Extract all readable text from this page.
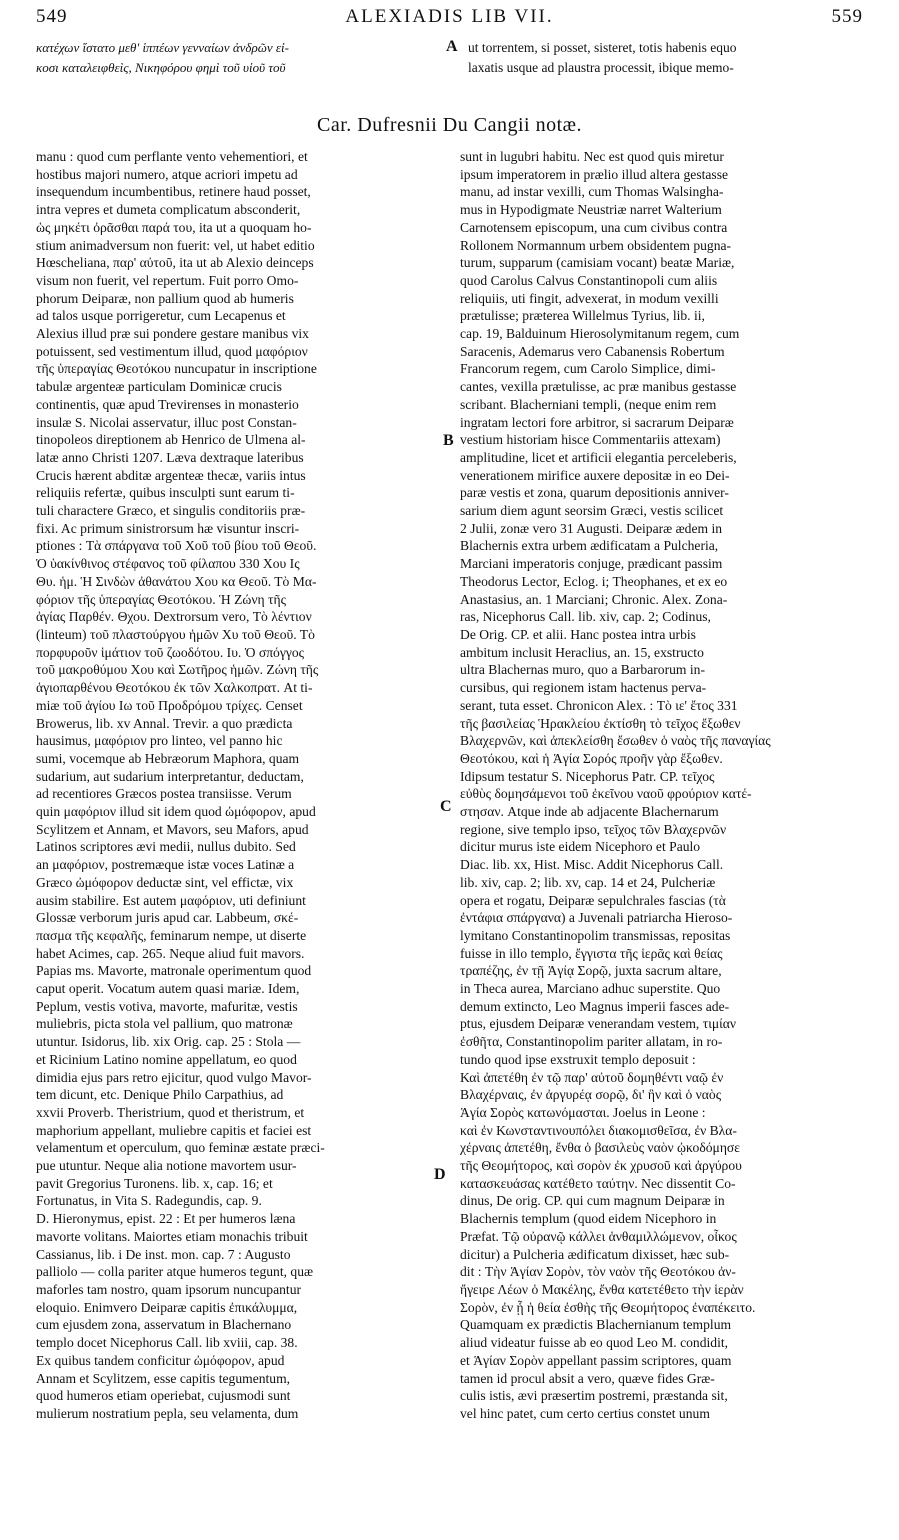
549	ALEXIADIS LIB VII.	559
κατέχων ἵστατο μεθ' ἱππέων γενναίων ἀνδρῶν εἰ-
κοσι καταλειφθεὶς, Νικηφόρου φημὶ τοῦ υἱοῦ τοῦ
A ut torrentem, si posset, sisteret, totis habenis equo
laxatis usque ad plaustra processit, ibique memo-
Car. Dufresnii Du Cangii notæ.
manu : quod cum perflante vento vehementiori, et
hostibus majori numero, atque acriori impetu ad
insequendum incumbentibus, retinere haud posset,
intra vepres et dumeta complicatum absconderit,
ὡς μηκέτι ὀρᾶσθαι παρά του, ita ut a quoquam ho-
stium animadversum non fuerit: vel, ut habet editio
Hœscheliana, παρ' αὐτοῦ, ita ut ab Alexio deinceps
visum non fuerit, vel repertum. Fuit porro Omo-
phorum Deiparæ, non pallium quod ab humeris
ad talos usque porrigeretur, cum Lecapenus et
Alexius illud præ sui pondere gestare manibus vix
potuissent, sed vestimentum illud, quod μαφόριον
τῆς ὑπεραγίας Θεοτόκου nuncupatur in inscriptione
tabulæ argenteæ particulam Dominicæ crucis
continentis, quæ apud Trevirenses in monasterio
insulæ S. Nicolai asservatur, illuc post Constan-
tinopoleos direptionem ab Henrico de Ulmena al-
latæ anno Christi 1207. Læva dextraque lateribus
Crucis hærent abditæ argenteæ thecæ, variis intus
reliquiis refertæ, quibus insculpti sunt earum ti-
tuli charactere Græco, et singulis conditoriis præ-
fixi. Ac primum sinistrorsum hæ visuntur inscri-
ptiones : Τὰ σπάργανα τοῦ Χοῦ τοῦ βίου τοῦ Θεοῦ.
Ὁ ὑακίνθινος στέφανος τοῦ φίλαπου 330 Χου Ις
Θυ. ἡμ. Ἡ Σινδὼν ἀθανάτου Χου κα Θεοῦ. Τὸ Μα-
φόριον τῆς ὑπεραγίας Θεοτόκου. Ἡ Ζώνη τῆς
ἁγίας Παρθέν. Θχου. Dextrorsum vero, Τὸ λέντιον
(linteum) τοῦ πλαστούργου ἡμῶν Χυ τοῦ Θεοῦ. Τὸ
πορφυροῦν ἱμάτιον τοῦ ζωοδότου. Ιυ. Ὁ σπόγγος
τοῦ μακροθύμου Χου καὶ Σωτῆρος ἡμῶν. Ζώνη τῆς
ἁγιοπαρθένου Θεοτόκου ἐκ τῶν Χαλκοπρατ. At ti-
miæ τοῦ ἁγίου Ιω τοῦ Προδρόμου τρίχες. Censet
Browerus, lib. xv Annal. Trevir. a quo prædicta
hausimus, μαφόριον pro linteo, vel panno hic
sumi, vocemque ab Hebræorum Maphora, quam
sudarium, aut sudarium interpretantur, deductam,
ad recentiores Græcos postea transiisse. Verum
quin μαφόριον illud sit idem quod ὠμόφορον, apud
Scylitzem et Annam, et Mavors, seu Mafors, apud
Latinos scriptores ævi medii, nullus dubito. Sed
an μαφόριον, postremæque istæ voces Latinæ a
Græco ὠμόφορον deductæ sint, vel effictæ, vix
ausim stabilire. Est autem μαφόριον, uti definiunt
Glossæ verborum juris apud car. Labbeum, σκέ-
πασμα τῆς κεφαλῆς, feminarum nempe, ut diserte
habet Acimes, cap. 265. Neque aliud fuit mavors.
Papias ms. Mavorte, matronale operimentum quod
caput operit. Vocatum autem quasi mariæ. Idem,
Peplum, vestis votiva, mavorte, mafuritæ, vestis
muliebris, picta stola vel pallium, quo matronæ
utuntur. Isidorus, lib. xix Orig. cap. 25 : Stola —
et Ricinium Latino nomine appellatum, eo quod
dimidia ejus pars retro ejicitur, quod vulgo Mavor-
tem dicunt, etc. Denique Philo Carpathius, ad
xxvii Proverb. Theristrium, quod et theristrum, et
maphorium appellant, muliebre capitis et faciei est
velamentum et operculum, quo feminæ æstate præci-
pue utuntur. Neque alia notione mavortem usur-
pavit Gregorius Turonens. lib. x, cap. 16; et
Fortunatus, in Vita S. Radegundis, cap. 9.
D. Hieronymus, epist. 22 : Et per humeros læna
mavorte volitans. Maiortes etiam monachis tribuit
Cassianus, lib. i De inst. mon. cap. 7 : Augusto
palliolo — colla pariter atque humeros tegunt, quæ
maforles tam nostro, quam ipsorum nuncupantur
eloquio. Enimvero Deiparæ capitis ἐπικάλυμμα,
cum ejusdem zona, asservatum in Blachernano
templo docet Nicephorus Call. lib xviii, cap. 38.
Ex quibus tandem conficitur ὠμόφορον, apud
Annam et Scylitzem, esse capitis tegumentum,
quod humeros etiam operiebat, cujusmodi sunt
mulierum nostratium pepla, seu velamenta, dum
sunt in lugubri habitu. Nec est quod quis miretur
ipsum imperatorem in prælio illud altera gestasse
manu, ad instar vexilli, cum Thomas Walsingha-
mus in Hypodigmate Neustriæ narret Walterium
Carnotensem episcopum, una cum civibus contra
Rollonem Normannum urbem obsidentem pugna-
turum, supparum (camisiam vocant) beatæ Mariæ,
quod Carolus Calvus Constantinopoli cum aliis
reliquiis, uti fingit, advexerat, in modum vexilli
prætulisse; præterea Willelmus Tyrius, lib. ii,
cap. 19, Balduinum Hierosolymitanum regem, cum
Saracenis, Ademarus vero Cabanensis Robertum
Francorum regem, cum Carolo Simplice, dimi-
cantes, vexilla prætulisse, ac præ manibus gestasse
scribant. Blacherniani templi, (neque enim rem
ingratam lectori fore arbitror, si sacrarum Deiparæ
vestium historiam hisce Commentariis attexam)
amplitudine, licet et artificii elegantia perceleberis,
venerationem mirifice auxere depositæ in eo Dei-
paræ vestis et zona, quarum depositionis anniver-
sarium diem agunt seorsim Græci, vestis scilicet
2 Julii, zonæ vero 31 Augusti. Deiparæ ædem in
Blachernis extra urbem ædificatam a Pulcheria,
Marciani imperatoris conjuge, prædicant passim
Theodorus Lector, Eclog. i; Theophanes, et ex eo
Anastasius, an. 1 Marciani; Chronic. Alex. Zona-
ras, Nicephorus Call. lib. xiv, cap. 2; Codinus,
De Orig. CP. et alii. Hanc postea intra urbis
ambitum inclusit Heraclius, an. 15, exstructo
ultra Blachernas muro, quo a Barbarorum in-
cursibus, qui regionem istam hactenus perva-
serant, tuta esset. Chronicon Alex. : Τὸ ιε' ἔτος 331
τῆς βασιλείας Ἡρακλείου ἐκτίσθη τὸ τεῖχος ἔξωθεν
Βλαχερνῶν, καὶ ἀπεκλείσθη ἔσωθεν ὁ ναὸς τῆς παναγίας
Θεοτόκου, καὶ ἡ Ἁγία Σορός προῆν γὰρ ἔξωθεν.
Idipsum testatur S. Nicephorus Patr. CP. τεῖχος
εὐθὺς δομησάμενοι τοῦ ἐκεῖνου ναοῦ φρούριον κατέ-
στησαν. Atque inde ab adjacente Blachernarum
regione, sive templo ipso, τεῖχος τῶν Βλαχερνῶν
dicitur murus iste eidem Nicephoro et Paulo
Diac. lib. xx, Hist. Misc. Addit Nicephorus Call.
lib. xiv, cap. 2; lib. xv, cap. 14 et 24, Pulcheriæ
opera et rogatu, Deiparæ sepulchrales fascias (τὰ
ἐντάφια σπάργανα) a Juvenali patriarcha Hieroso-
lymitano Constantinopolim transmissas, repositas
fuisse in illo templo, ἔγγιστα τῆς ἱερᾶς καὶ θείας
τραπέζης, ἐν τῇ Ἁγίᾳ Σορῷ, juxta sacrum altare,
in Theca aurea, Marciano adhuc superstite. Quo
demum extincto, Leo Magnus imperii fasces ade-
ptus, ejusdem Deiparæ venerandam vestem, τιμίαν
ἐσθῆτα, Constantinopolim pariter allatam, in ro-
tundo quod ipse exstruxit templo deposuit :
Καὶ ἀπετέθη ἐν τῷ παρ' αὐτοῦ δομηθέντι ναῷ ἐν
Βλαχέρναις, ἐν ἀργυρέᾳ σορῷ, δι' ἣν καὶ ὁ ναὸς
Ἁγία Σορὸς κατωνόμασται. Joelus in Leone :
καὶ ἐν Κωνσταντινουπόλει διακομισθεῖσα, ἐν Βλα-
χέρναις ἀπετέθη, ἔνθα ὁ βασιλεὺς ναὸν ᾠκοδόμησε
τῆς Θεομήτορος, καὶ σορὸν ἐκ χρυσοῦ καὶ ἀργύρου
κατασκευάσας κατέθετο ταύτην. Nec dissentit Co-
dinus, De orig. CP. qui cum magnum Deiparæ in
Blachernis templum (quod eidem Nicephoro in
Præfat. Τῷ οὐρανῷ κάλλει ἁνθαμιλλώμενον, οἶκος
dicitur) a Pulcheria ædificatum dixisset, hæc sub-
dit : Τὴν Ἁγίαν Σορὸν, τὸν ναὸν τῆς Θεοτόκου ἀν-
ἤγειρε Λέων ὁ Μακέλης, ἔνθα κατετέθετο τὴν ἱερὰν
Σορὸν, ἐν ᾗ ἡ θεία ἐσθὴς τῆς Θεομήτορος ἐναπέκειτο.
Quamquam ex prædictis Blachernianum templum
aliud videatur fuisse ab eo quod Leo M. condidit,
et Ἁγίαν Σορὸν appellant passim scriptores, quam
tamen id procul absit a vero, quæve fides Græ-
culis istis, ævi præsertim postremi, præstanda sit,
vel hinc patet, cum certo certius constet unum
B
C
D
